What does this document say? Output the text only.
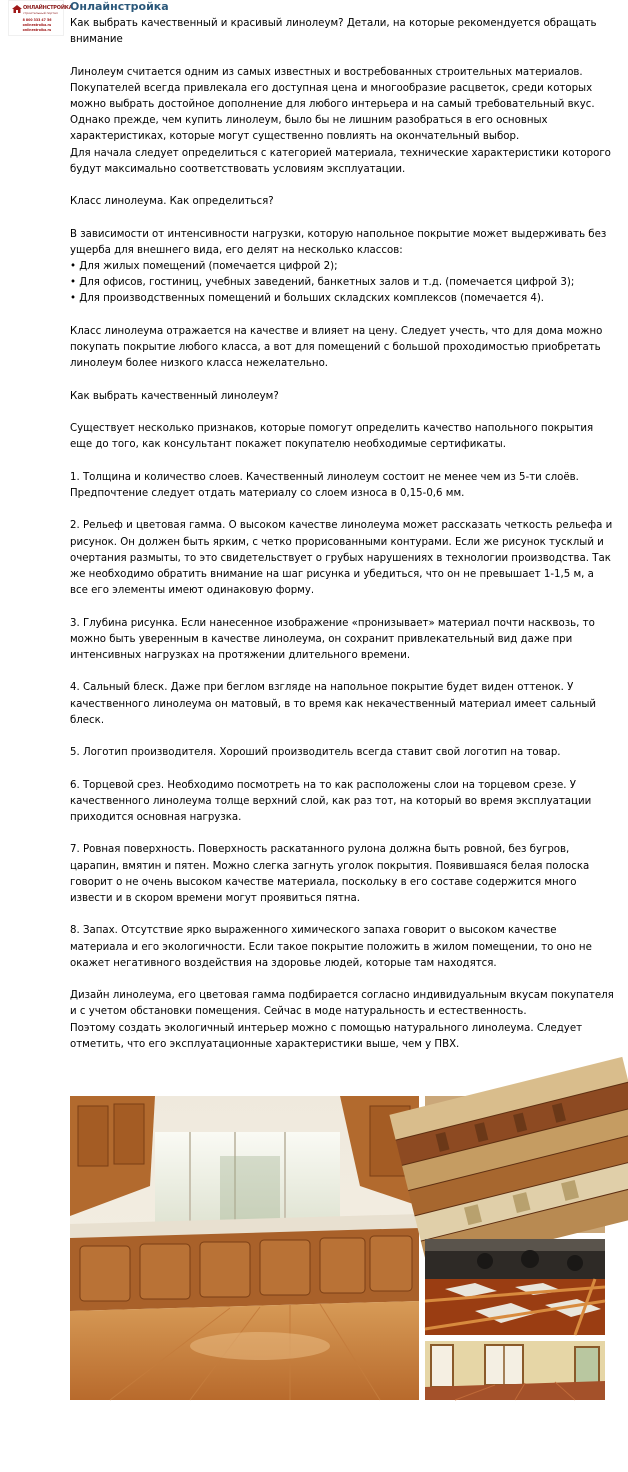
ОНЛАЙНСТРОЙКА
строительный портал
8 800 333 47 56
onlinestroika.ru
onlinestroika.ru
Онлайнстройка
Как выбрать качественный и красивый линолеум? Детали, на которые рекомендуется обращать внимание

Линолеум считается одним из самых известных и востребованных строительных материалов.
Покупателей всегда привлекала его доступная цена и многообразие расцветок, среди которых можно выбрать достойное дополнение для любого интерьера и на самый требовательный вкус.
Однако прежде, чем купить линолеум, было бы не лишним разобраться в его основных характеристиках, которые могут существенно повлиять на окончательный выбор.
Для начала следует определиться с категорией материала, технические характеристики которого будут максимально соответствовать условиям эксплуатации.

Класс линолеума. Как определиться?

В зависимости от интенсивности нагрузки, которую напольное покрытие может выдерживать без ущерба для внешнего вида, его делят на несколько классов:
• Для жилых помещений (помечается цифрой 2);
• Для офисов, гостиниц, учебных заведений, банкетных залов и т.д. (помечается цифрой 3);
• Для производственных помещений и больших складских комплексов (помечается 4).

Класс линолеума отражается на качестве и влияет на цену. Следует учесть, что для дома можно покупать покрытие любого класса, а вот для помещений с большой проходимостью приобретать линолеум более низкого класса нежелательно.

Как выбрать качественный линолеум?

Существует несколько признаков, которые помогут определить качество напольного покрытия еще до того, как консультант покажет покупателю необходимые сертификаты.

1. Толщина и количество слоев. Качественный линолеум состоит не менее чем из 5-ти слоёв. Предпочтение следует отдать материалу со слоем износа в 0,15-0,6 мм.

2. Рельеф и цветовая гамма. О высоком качестве линолеума может рассказать четкость рельефа и рисунок. Он должен быть ярким, с четко прорисованными контурами. Если же рисунок тусклый и очертания размыты, то это свидетельствует о грубых нарушениях в технологии производства. Так же необходимо обратить внимание на шаг рисунка и убедиться, что он не превышает 1-1,5 м, а все его элементы имеют одинаковую форму.

3. Глубина рисунка. Если нанесенное изображение «пронизывает» материал почти насквозь, то можно быть уверенным в качестве линолеума, он сохранит привлекательный вид даже при интенсивных нагрузках на протяжении длительного времени.

4. Сальный блеск. Даже при беглом взгляде на напольное покрытие будет виден оттенок. У качественного линолеума он матовый, в то время как некачественный материал имеет сальный блеск.

5. Логотип производителя. Хороший производитель всегда ставит свой логотип на товар.

6. Торцевой срез. Необходимо посмотреть на то как расположены слои на торцевом срезе. У качественного линолеума толще верхний слой, как раз тот, на который во время эксплуатации приходится основная нагрузка.

7. Ровная поверхность. Поверхность раскатанного рулона должна быть ровной, без бугров, царапин, вмятин и пятен. Можно слегка загнуть уголок покрытия. Появившаяся белая полоска говорит о не очень высоком качестве материала, поскольку в его составе содержится много извести и в скором времени могут проявиться пятна.

8. Запах. Отсутствие ярко выраженного химического запаха говорит о высоком качестве материала и его экологичности. Если такое покрытие положить в жилом помещении, то оно не окажет негативного воздействия на здоровье людей, которые там находятся.

Дизайн линолеума, его цветовая гамма подбирается согласно индивидуальным вкусам покупателя и с учетом обстановки помещения. Сейчас в моде натуральность и естественность.
Поэтому создать экологичный интерьер можно с помощью натурального линолеума. Следует отметить, что его эксплуатационные характеристики выше, чем у ПВХ.
